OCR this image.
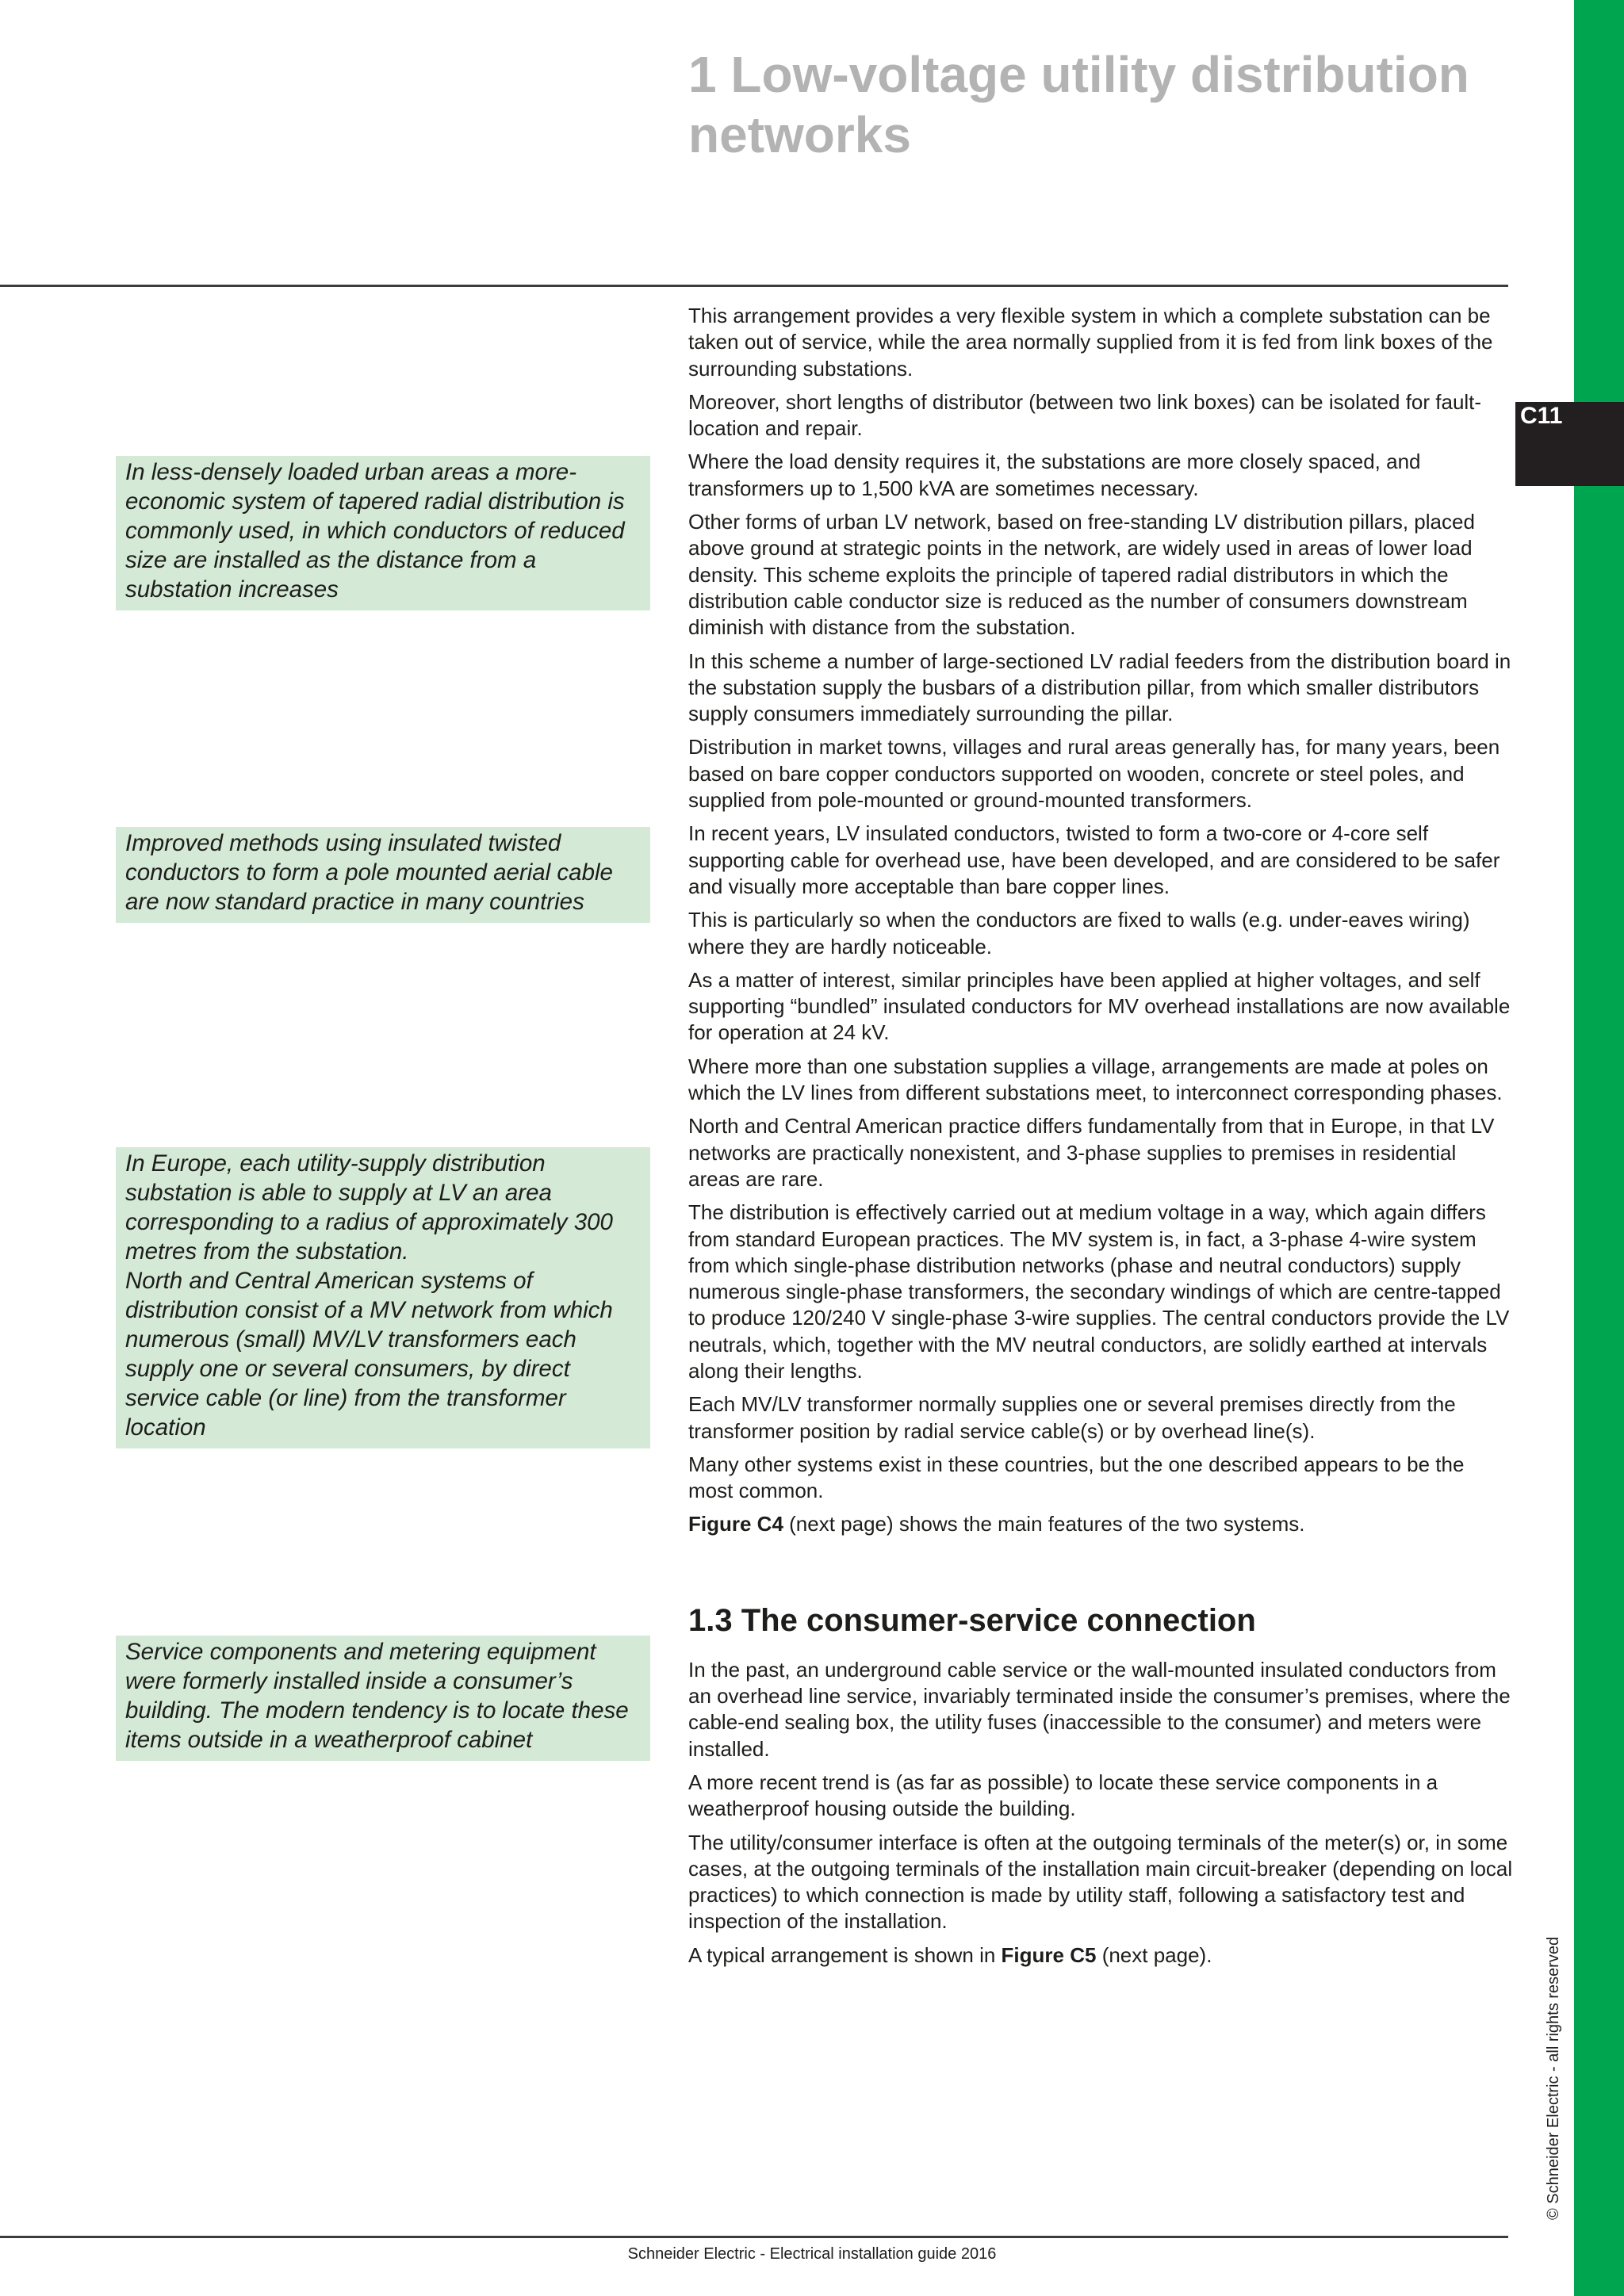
C11
© Schneider Electric - all rights reserved
1 Low-voltage utility distribution networks

In less-densely loaded urban areas a more-economic system of tapered radial distribution is commonly used, in which conductors of reduced size are installed as the distance from a substation increases

Improved methods using insulated twisted conductors to form a pole mounted aerial cable are now standard practice in many countries

In Europe, each utility-supply distribution substation is able to supply at LV an area corresponding to a radius of approximately 300 metres from the substation.

North and Central American systems of distribution consist of a MV network from which numerous (small) MV/LV transformers each supply one or several consumers, by direct service cable (or line) from the transformer location

Service components and metering equipment were formerly installed inside a consumer’s building. The modern tendency is to locate these items outside in a weatherproof cabinet

This arrangement provides a very flexible system in which a complete substation can be taken out of service, while the area normally supplied from it is fed from link boxes of the surrounding substations.

Moreover, short lengths of distributor (between two link boxes) can be isolated for fault-location and repair.

Where the load density requires it, the substations are more closely spaced, and transformers up to 1,500 kVA are sometimes necessary.

Other forms of urban LV network, based on free-standing LV distribution pillars, placed above ground at strategic points in the network, are widely used in areas of lower load density. This scheme exploits the principle of tapered radial distributors in which the distribution cable conductor size is reduced as the number of consumers downstream diminish with distance from the substation.

In this scheme a number of large-sectioned LV radial feeders from the distribution board in the substation supply the busbars of a distribution pillar, from which smaller distributors supply consumers immediately surrounding the pillar.

Distribution in market towns, villages and rural areas generally has, for many years, been based on bare copper conductors supported on wooden, concrete or steel poles, and supplied from pole-mounted or ground-mounted transformers.

In recent years, LV insulated conductors, twisted to form a two-core or 4-core self supporting cable for overhead use, have been developed, and are considered to be safer and visually more acceptable than bare copper lines.

This is particularly so when the conductors are fixed to walls (e.g. under-eaves wiring) where they are hardly noticeable.

As a matter of interest, similar principles have been applied at higher voltages, and self supporting “bundled” insulated conductors for MV overhead installations are now available for operation at 24 kV.

Where more than one substation supplies a village, arrangements are made at poles on which the LV lines from different substations meet, to interconnect corresponding phases.

North and Central American practice differs fundamentally from that in Europe, in that LV networks are practically nonexistent, and 3-phase supplies to premises in residential areas are rare.

The distribution is effectively carried out at medium voltage in a way, which again differs from standard European practices. The MV system is, in fact, a 3-phase 4-wire system from which single-phase distribution networks (phase and neutral conductors) supply numerous single-phase transformers, the secondary windings of which are centre-tapped to produce 120/240 V single-phase 3-wire supplies. The central conductors provide the LV neutrals, which, together with the MV neutral conductors, are solidly earthed at intervals along their lengths.

Each MV/LV transformer normally supplies one or several premises directly from the transformer position by radial service cable(s) or by overhead line(s).

Many other systems exist in these countries, but the one described appears to be the most common.

Figure C4 (next page) shows the main features of the two systems.

1.3 The consumer-service connection

In the past, an underground cable service or the wall-mounted insulated conductors from an overhead line service, invariably terminated inside the consumer’s premises, where the cable-end sealing box, the utility fuses (inaccessible to the consumer) and meters were installed.

A more recent trend is (as far as possible) to locate these service components in a weatherproof housing outside the building.

The utility/consumer interface is often at the outgoing terminals of the meter(s) or, in some cases, at the outgoing terminals of the installation main circuit-breaker (depending on local practices) to which connection is made by utility staff, following a satisfactory test and inspection of the installation.

A typical arrangement is shown in Figure C5 (next page).

Schneider Electric - Electrical installation guide 2016
